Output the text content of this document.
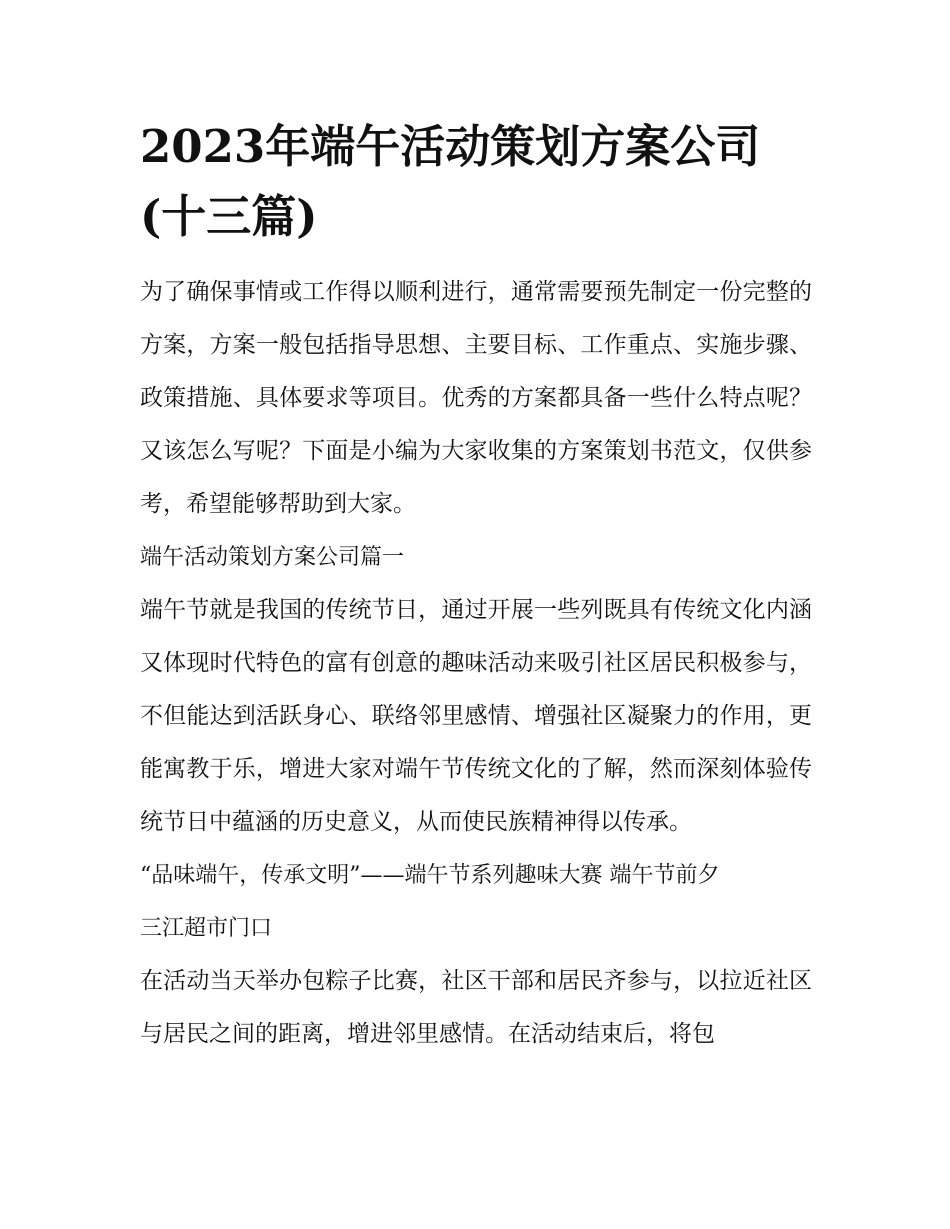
2023年端午活动策划方案公司(十三篇)

为了确保事情或工作得以顺利进行，通常需要预先制定一份完整的方案，方案一般包括指导思想、主要目标、工作重点、实施步骤、政策措施、具体要求等项目。优秀的方案都具备一些什么特点呢？又该怎么写呢？下面是小编为大家收集的方案策划书范文，仅供参考，希望能够帮助到大家。

端午活动策划方案公司篇一

端午节就是我国的传统节日，通过开展一些列既具有传统文化内涵又体现时代特色的富有创意的趣味活动来吸引社区居民积极参与，不但能达到活跃身心、联络邻里感情、增强社区凝聚力的作用，更能寓教于乐，增进大家对端午节传统文化的了解，然而深刻体验传统节日中蕴涵的历史意义，从而使民族精神得以传承。

“品味端午，传承文明”——端午节系列趣味大赛 端午节前夕

三江超市门口

在活动当天举办包粽子比赛，社区干部和居民齐参与，以拉近社区与居民之间的距离，增进邻里感情。在活动结束后，将包
